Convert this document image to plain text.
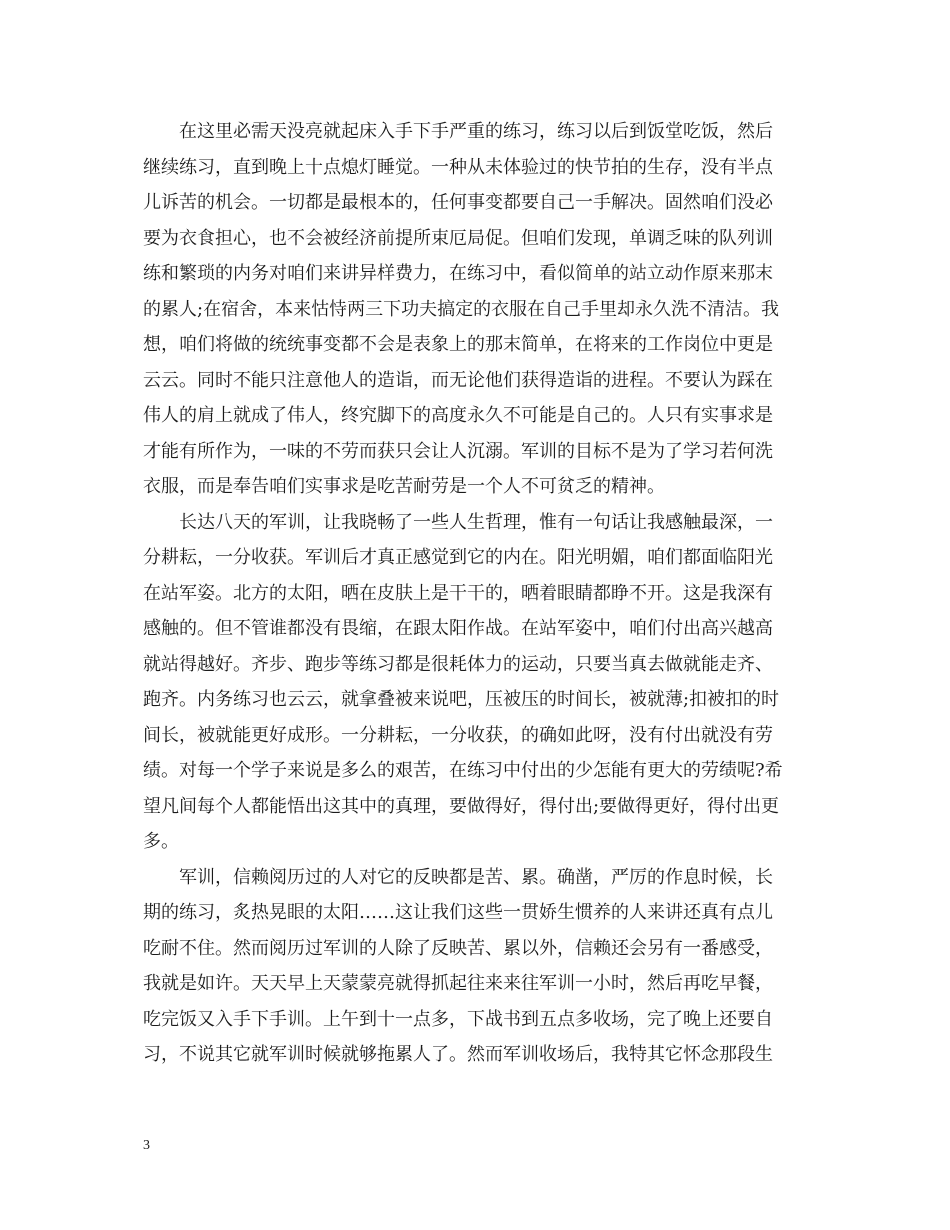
在这里必需天没亮就起床入手下手严重的练习，练习以后到饭堂吃饭，然后
继续练习，直到晚上十点熄灯睡觉。一种从未体验过的快节拍的生存，没有半点
儿诉苦的机会。一切都是最根本的，任何事变都要自己一手解决。固然咱们没必
要为衣食担心，也不会被经济前提所束厄局促。但咱们发现，单调乏味的队列训
练和繁琐的内务对咱们来讲异样费力，在练习中，看似简单的站立动作原来那末
的累人;在宿舍，本来怙恃两三下功夫搞定的衣服在自己手里却永久洗不清洁。我
想，咱们将做的统统事变都不会是表象上的那末简单，在将来的工作岗位中更是
云云。同时不能只注意他人的造诣，而无论他们获得造诣的进程。不要认为踩在
伟人的肩上就成了伟人，终究脚下的高度永久不可能是自己的。人只有实事求是
才能有所作为，一味的不劳而获只会让人沉溺。军训的目标不是为了学习若何洗
衣服，而是奉告咱们实事求是吃苦耐劳是一个人不可贫乏的精神。

长达八天的军训，让我晓畅了一些人生哲理，惟有一句话让我感触最深，一
分耕耘，一分收获。军训后才真正感觉到它的内在。阳光明媚，咱们都面临阳光
在站军姿。北方的太阳，晒在皮肤上是干干的，晒着眼睛都睁不开。这是我深有
感触的。但不管谁都没有畏缩，在跟太阳作战。在站军姿中，咱们付出高兴越高
就站得越好。齐步、跑步等练习都是很耗体力的运动，只要当真去做就能走齐、
跑齐。内务练习也云云，就拿叠被来说吧，压被压的时间长，被就薄;扣被扣的时
间长，被就能更好成形。一分耕耘，一分收获，的确如此呀，没有付出就没有劳
绩。对每一个学子来说是多么的艰苦，在练习中付出的少怎能有更大的劳绩呢?希
望凡间每个人都能悟出这其中的真理，要做得好，得付出;要做得更好，得付出更
多。

军训，信赖阅历过的人对它的反映都是苦、累。确凿，严厉的作息时候，长
期的练习，炙热晃眼的太阳……这让我们这些一贯娇生惯养的人来讲还真有点儿
吃耐不住。然而阅历过军训的人除了反映苦、累以外，信赖还会另有一番感受，
我就是如许。天天早上天蒙蒙亮就得抓起往来来往军训一小时，然后再吃早餐，
吃完饭又入手下手训。上午到十一点多，下战书到五点多收场，完了晚上还要自
习，不说其它就军训时候就够拖累人了。然而军训收场后，我特其它怀念那段生

3
